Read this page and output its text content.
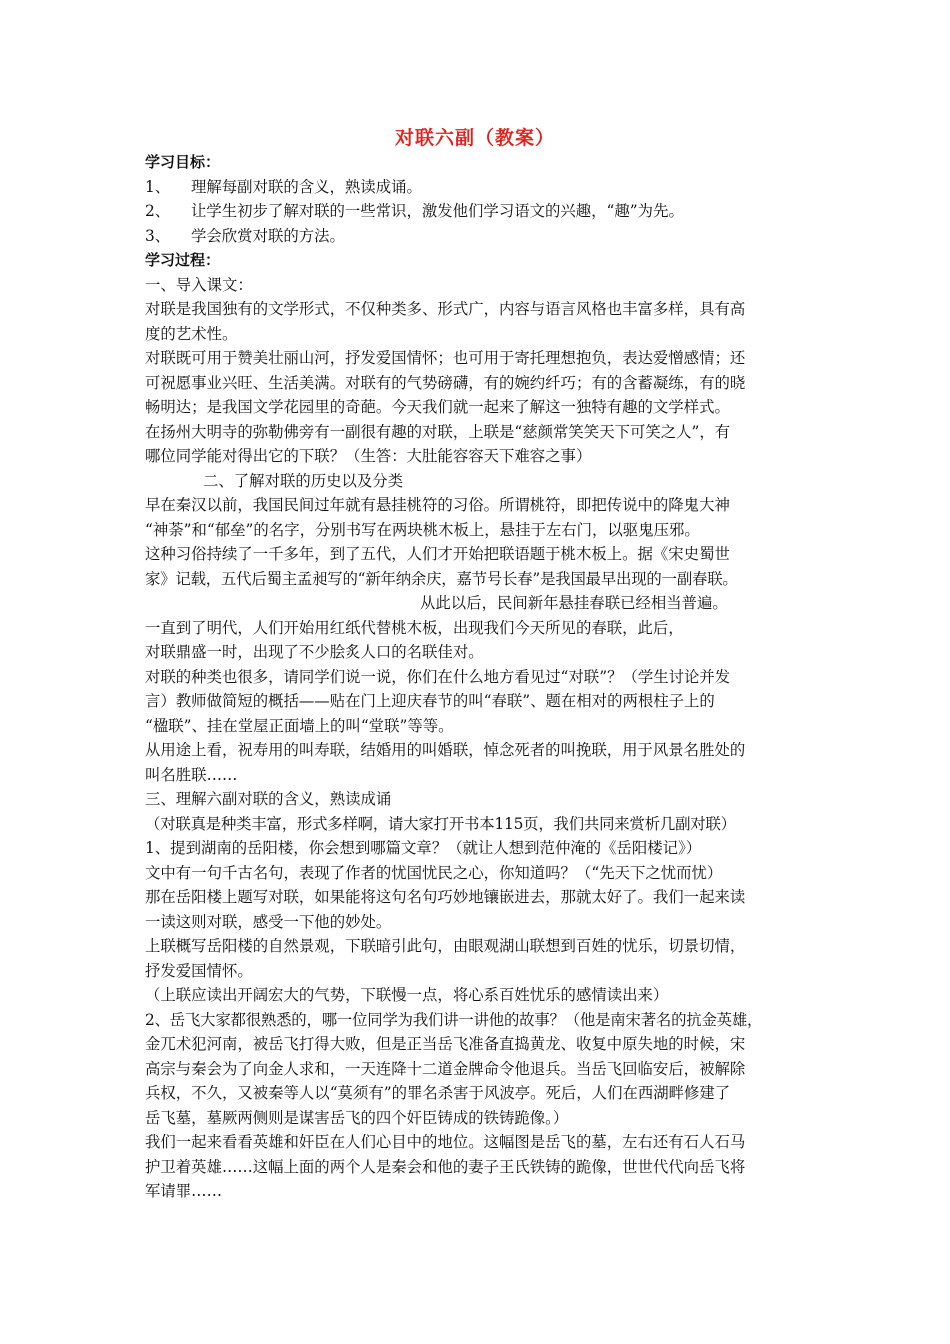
对联六副（教案）
学习目标：
1、 理解每副对联的含义，熟读成诵。
2、 让学生初步了解对联的一些常识，激发他们学习语文的兴趣，“趣”为先。
3、 学会欣赏对联的方法。
学习过程：
一、导入课文：
对联是我国独有的文学形式，不仅种类多、形式广，内容与语言风格也丰富多样，具有高
度的艺术性。
对联既可用于赞美壮丽山河，抒发爱国情怀；也可用于寄托理想抱负，表达爱憎感情；还
可祝愿事业兴旺、生活美满。对联有的气势磅礴，有的婉约纤巧；有的含蓄凝练，有的晓
畅明达；是我国文学花园里的奇葩。今天我们就一起来了解这一独特有趣的文学样式。
在扬州大明寺的弥勒佛旁有一副很有趣的对联，上联是“慈颜常笑笑天下可笑之人”，有
哪位同学能对得出它的下联？（生答：大肚能容容天下难容之事）
二、了解对联的历史以及分类
早在秦汉以前，我国民间过年就有悬挂桃符的习俗。所谓桃符，即把传说中的降鬼大神
“神荼”和“郁垒”的名字，分别书写在两块桃木板上，悬挂于左右门，以驱鬼压邪。
这种习俗持续了一千多年，到了五代，人们才开始把联语题于桃木板上。据《宋史蜀世
家》记载，五代后蜀主孟昶写的“新年纳余庆，嘉节号长春”是我国最早出现的一副春联。
从此以后，民间新年悬挂春联已经相当普遍。
一直到了明代，人们开始用红纸代替桃木板，出现我们今天所见的春联，此后，
对联鼎盛一时，出现了不少脍炙人口的名联佳对。
对联的种类也很多，请同学们说一说，你们在什么地方看见过“对联”？（学生讨论并发
言）教师做简短的概括——贴在门上迎庆春节的叫“春联”、题在相对的两根柱子上的
“楹联”、挂在堂屋正面墙上的叫“堂联”等等。
从用途上看，祝寿用的叫寿联，结婚用的叫婚联，悼念死者的叫挽联，用于风景名胜处的
叫名胜联……
三、理解六副对联的含义，熟读成诵
（对联真是种类丰富，形式多样啊，请大家打开书本115页，我们共同来赏析几副对联）
1、提到湖南的岳阳楼，你会想到哪篇文章？（就让人想到范仲淹的《岳阳楼记》）
文中有一句千古名句，表现了作者的忧国忧民之心，你知道吗？（“先天下之忧而忧）
那在岳阳楼上题写对联，如果能将这句名句巧妙地镶嵌进去，那就太好了。我们一起来读
一读这则对联，感受一下他的妙处。
上联概写岳阳楼的自然景观，下联暗引此句，由眼观湖山联想到百姓的忧乐，切景切情，
抒发爱国情怀。
（上联应读出开阔宏大的气势，下联慢一点，将心系百姓忧乐的感情读出来）
2、岳飞大家都很熟悉的，哪一位同学为我们讲一讲他的故事？（他是南宋著名的抗金英雄，
金兀术犯河南，被岳飞打得大败，但是正当岳飞准备直捣黄龙、收复中原失地的时候，宋
高宗与秦会为了向金人求和，一天连降十二道金牌命令他退兵。当岳飞回临安后，被解除
兵权，不久，又被秦等人以“莫须有”的罪名杀害于风波亭。死后，人们在西湖畔修建了
岳飞墓，墓厥两侧则是谋害岳飞的四个奸臣铸成的铁铸跪像。）
我们一起来看看英雄和奸臣在人们心目中的地位。这幅图是岳飞的墓，左右还有石人石马
护卫着英雄……这幅上面的两个人是秦会和他的妻子王氏铁铸的跪像，世世代代向岳飞将
军请罪……
